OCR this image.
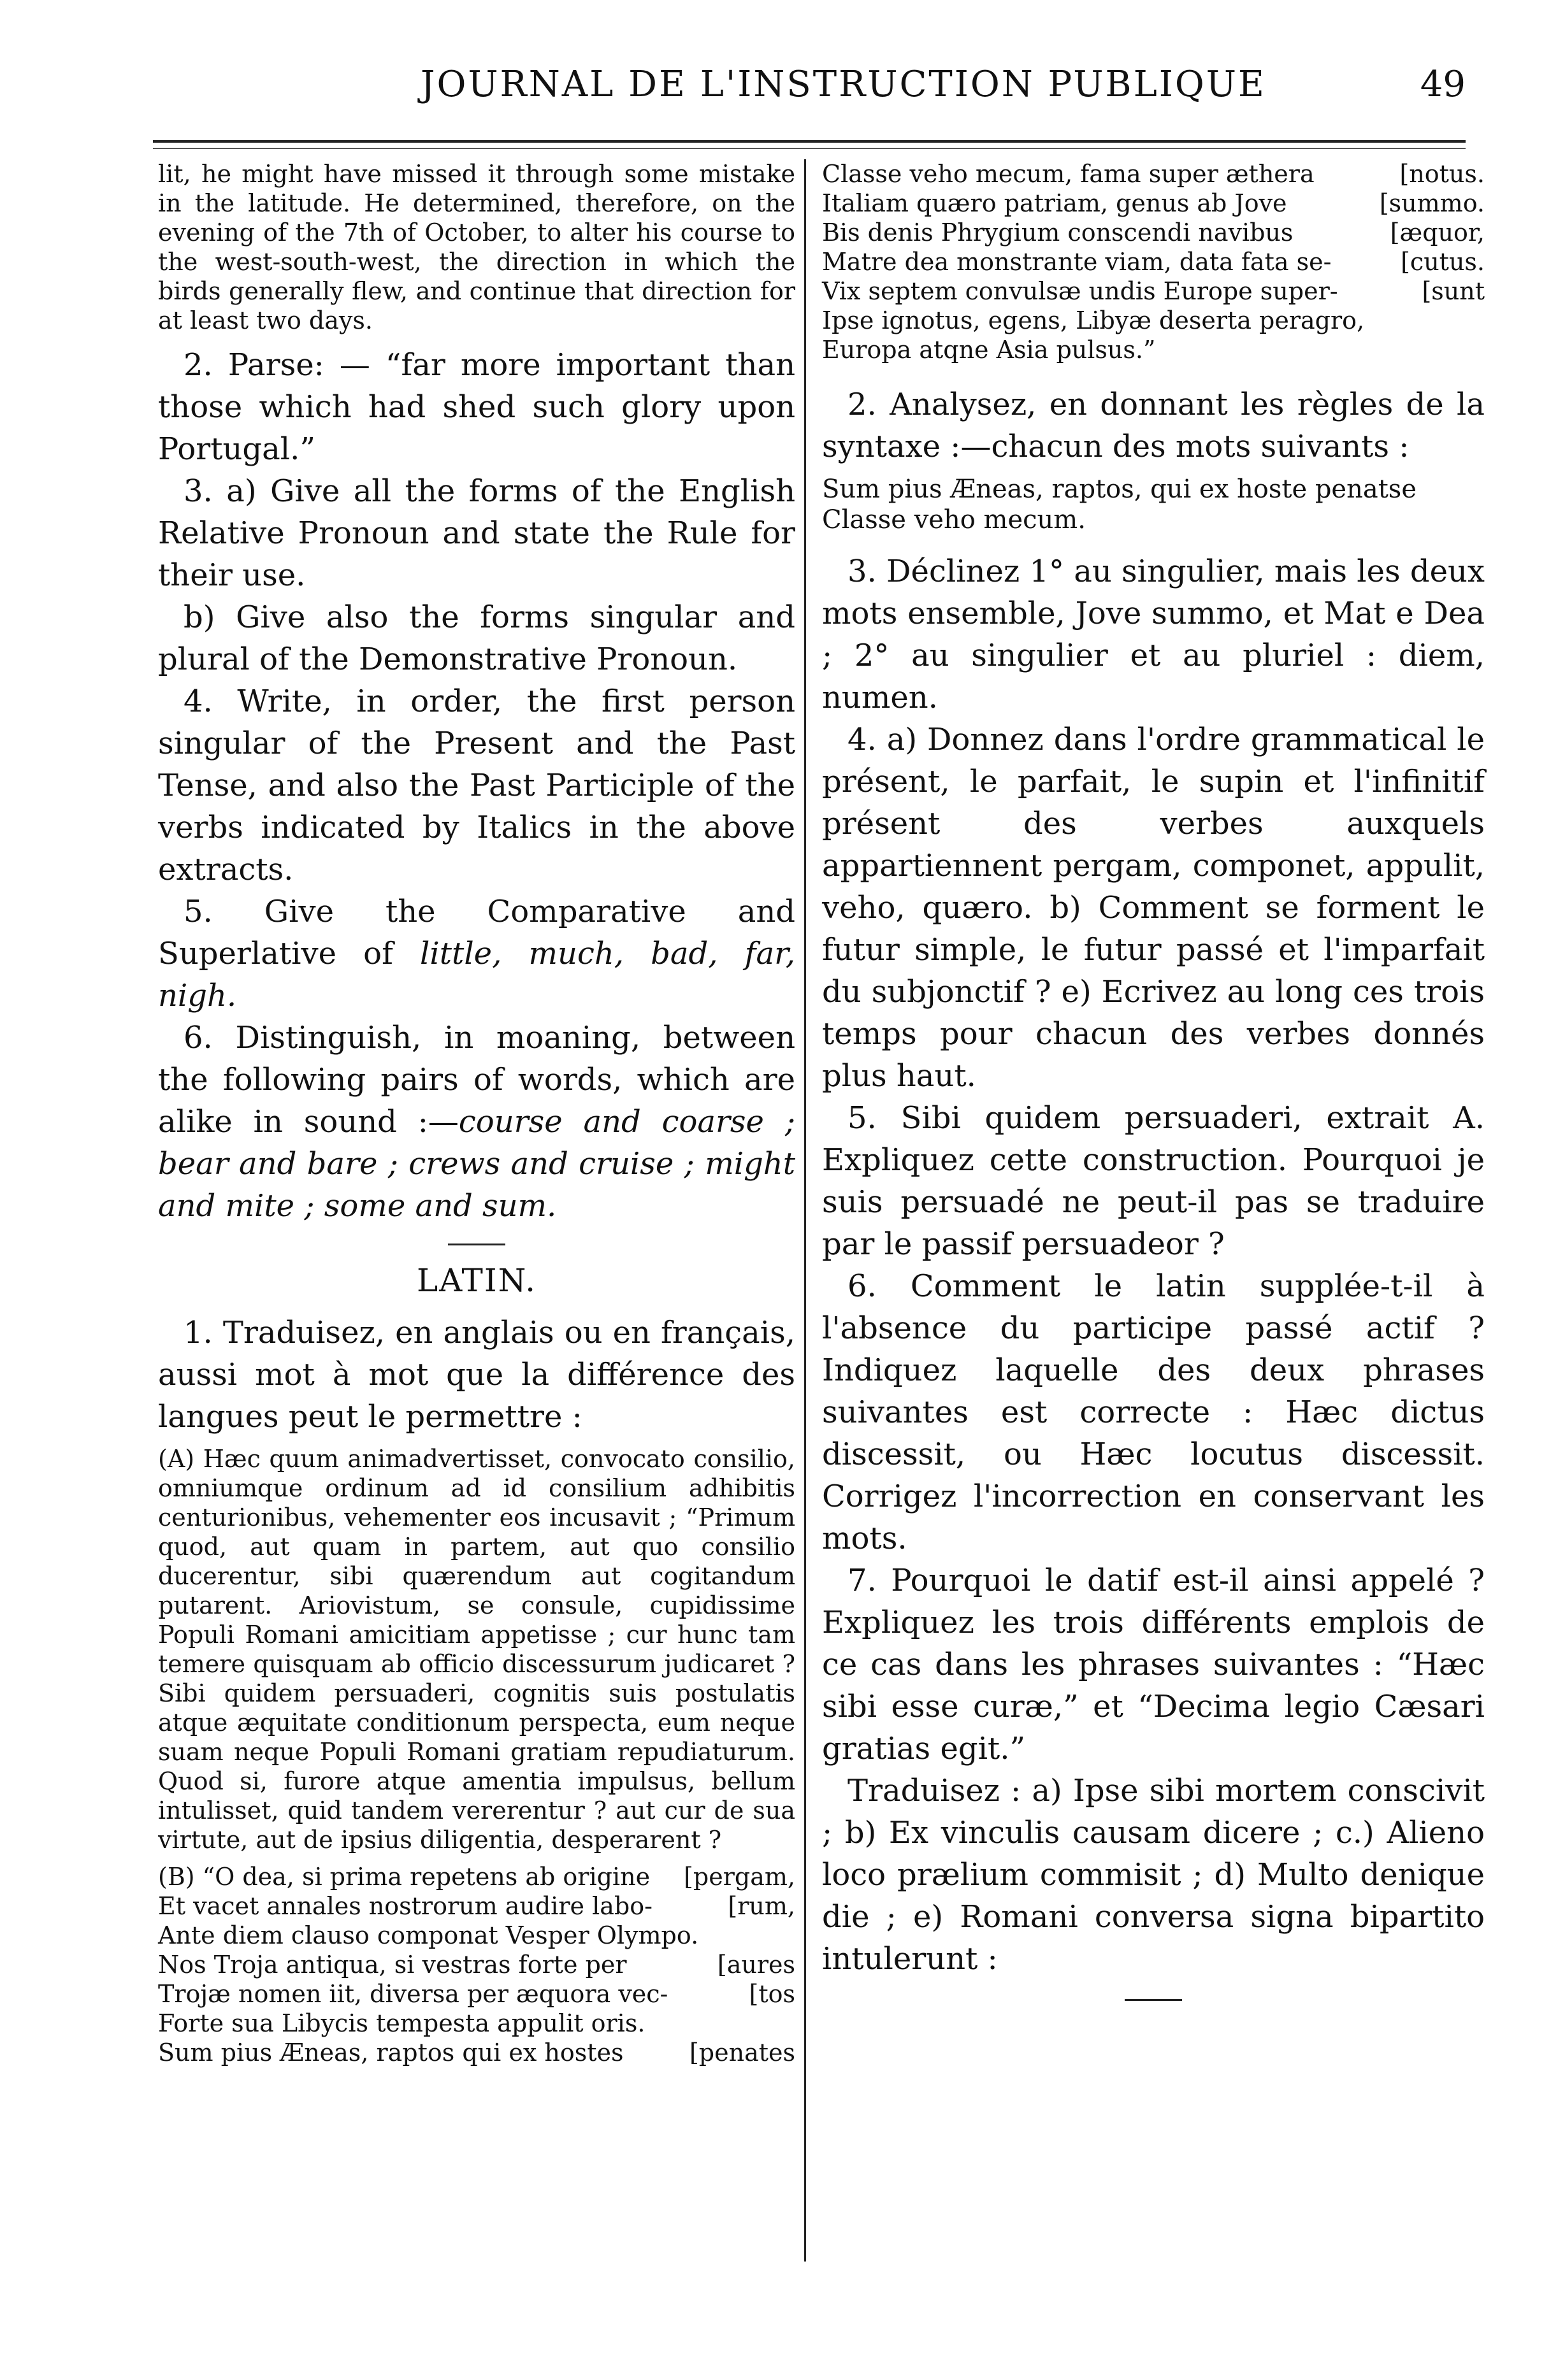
JOURNAL DE L'INSTRUCTION PUBLIQUE	49

lit, he might have missed it through some mistake in the latitude. He determined, therefore, on the evening of the 7th of October, to alter his course to the west-south-west, the direction in which the birds generally flew, and continue that direction for at least two days.

2. Parse: — “far more important than those which had shed such glory upon Portugal.”

3. a) Give all the forms of the English Relative Pronoun and state the Rule for their use.

b) Give also the forms singular and plural of the Demonstrative Pronoun.

4. Write, in order, the first person singular of the Present and the Past Tense, and also the Past Participle of the verbs indicated by Italics in the above extracts.

5. Give the Comparative and Superlative of little, much, bad, far, nigh.

6. Distinguish, in moaning, between the following pairs of words, which are alike in sound :—course and coarse ; bear and bare ; crews and cruise ; might and mite ; some and sum.

LATIN.

1. Traduisez, en anglais ou en français, aussi mot à mot que la différence des langues peut le permettre :

(A) Hæc quum animadvertisset, convocato consilio, omniumque ordinum ad id consilium adhibitis centurionibus, vehementer eos incusavit ; “Primum quod, aut quam in partem, aut quo consilio ducerentur, sibi quærendum aut cogitandum putarent. Ariovistum, se consule, cupidissime Populi Romani amicitiam appetisse ; cur hunc tam temere quisquam ab officio discessurum judicaret ? Sibi quidem persuaderi, cognitis suis postulatis atque æquitate conditionum perspecta, eum neque suam neque Populi Romani gratiam repudiaturum. Quod si, furore atque amentia impulsus, bellum intulisset, quid tandem vererentur ? aut cur de sua virtute, aut de ipsius diligentia, desperarent ?

(B) “O dea, si prima repetens ab origine [pergam,
Et vacet annales nostrorum audire labo-	[rum,
Ante diem clauso componat Vesper Olympo.
Nos Troja antiqua, si vestras forte per	[aures
Trojæ nomen iit, diversa per æquora vec-	[tos
Forte sua Libycis tempesta appulit oris.
Sum pius Æneas, raptos qui ex hostes	[penates
Classe veho mecum, fama super æthera	[notus.
Italiam quæro patriam, genus ab Jove	[summo.
Bis denis Phrygium conscendi navibus	[æquor,
Matre dea monstrante viam, data fata se-	[cutus.
Vix septem convulsæ undis Europe super-	[sunt
Ipse ignotus, egens, Libyæ deserta peragro,
Europa atqne Asia pulsus.”

2. Analysez, en donnant les règles de la syntaxe :—chacun des mots suivants :

Sum pius Æneas, raptos, qui ex hoste penatse Classe veho mecum.

3. Déclinez 1° au singulier, mais les deux mots ensemble, Jove summo, et Mat e Dea ; 2° au singulier et au pluriel : diem, numen.

4. a) Donnez dans l'ordre grammatical le présent, le parfait, le supin et l'infinitif présent des verbes auxquels appartiennent pergam, componet, appulit, veho, quæro. b) Comment se forment le futur simple, le futur passé et l'imparfait du subjonctif ? e) Ecrivez au long ces trois temps pour chacun des verbes donnés plus haut.

5. Sibi quidem persuaderi, extrait A. Expliquez cette construction. Pourquoi je suis persuadé ne peut-il pas se traduire par le passif persuadeor ?

6. Comment le latin supplée-t-il à l'absence du participe passé actif ? Indiquez laquelle des deux phrases suivantes est correcte : Hæc dictus discessit, ou Hæc locutus discessit. Corrigez l'incorrection en conservant les mots.

7. Pourquoi le datif est-il ainsi appelé ? Expliquez les trois différents emplois de ce cas dans les phrases suivantes : “Hæc sibi esse curæ,” et “Decima legio Cæsari gratias egit.”

Traduisez : a) Ipse sibi mortem conscivit ; b) Ex vinculis causam dicere ; c.) Alieno loco prælium commisit ; d) Multo denique die ; e) Romani conversa signa bipartito intulerunt :
